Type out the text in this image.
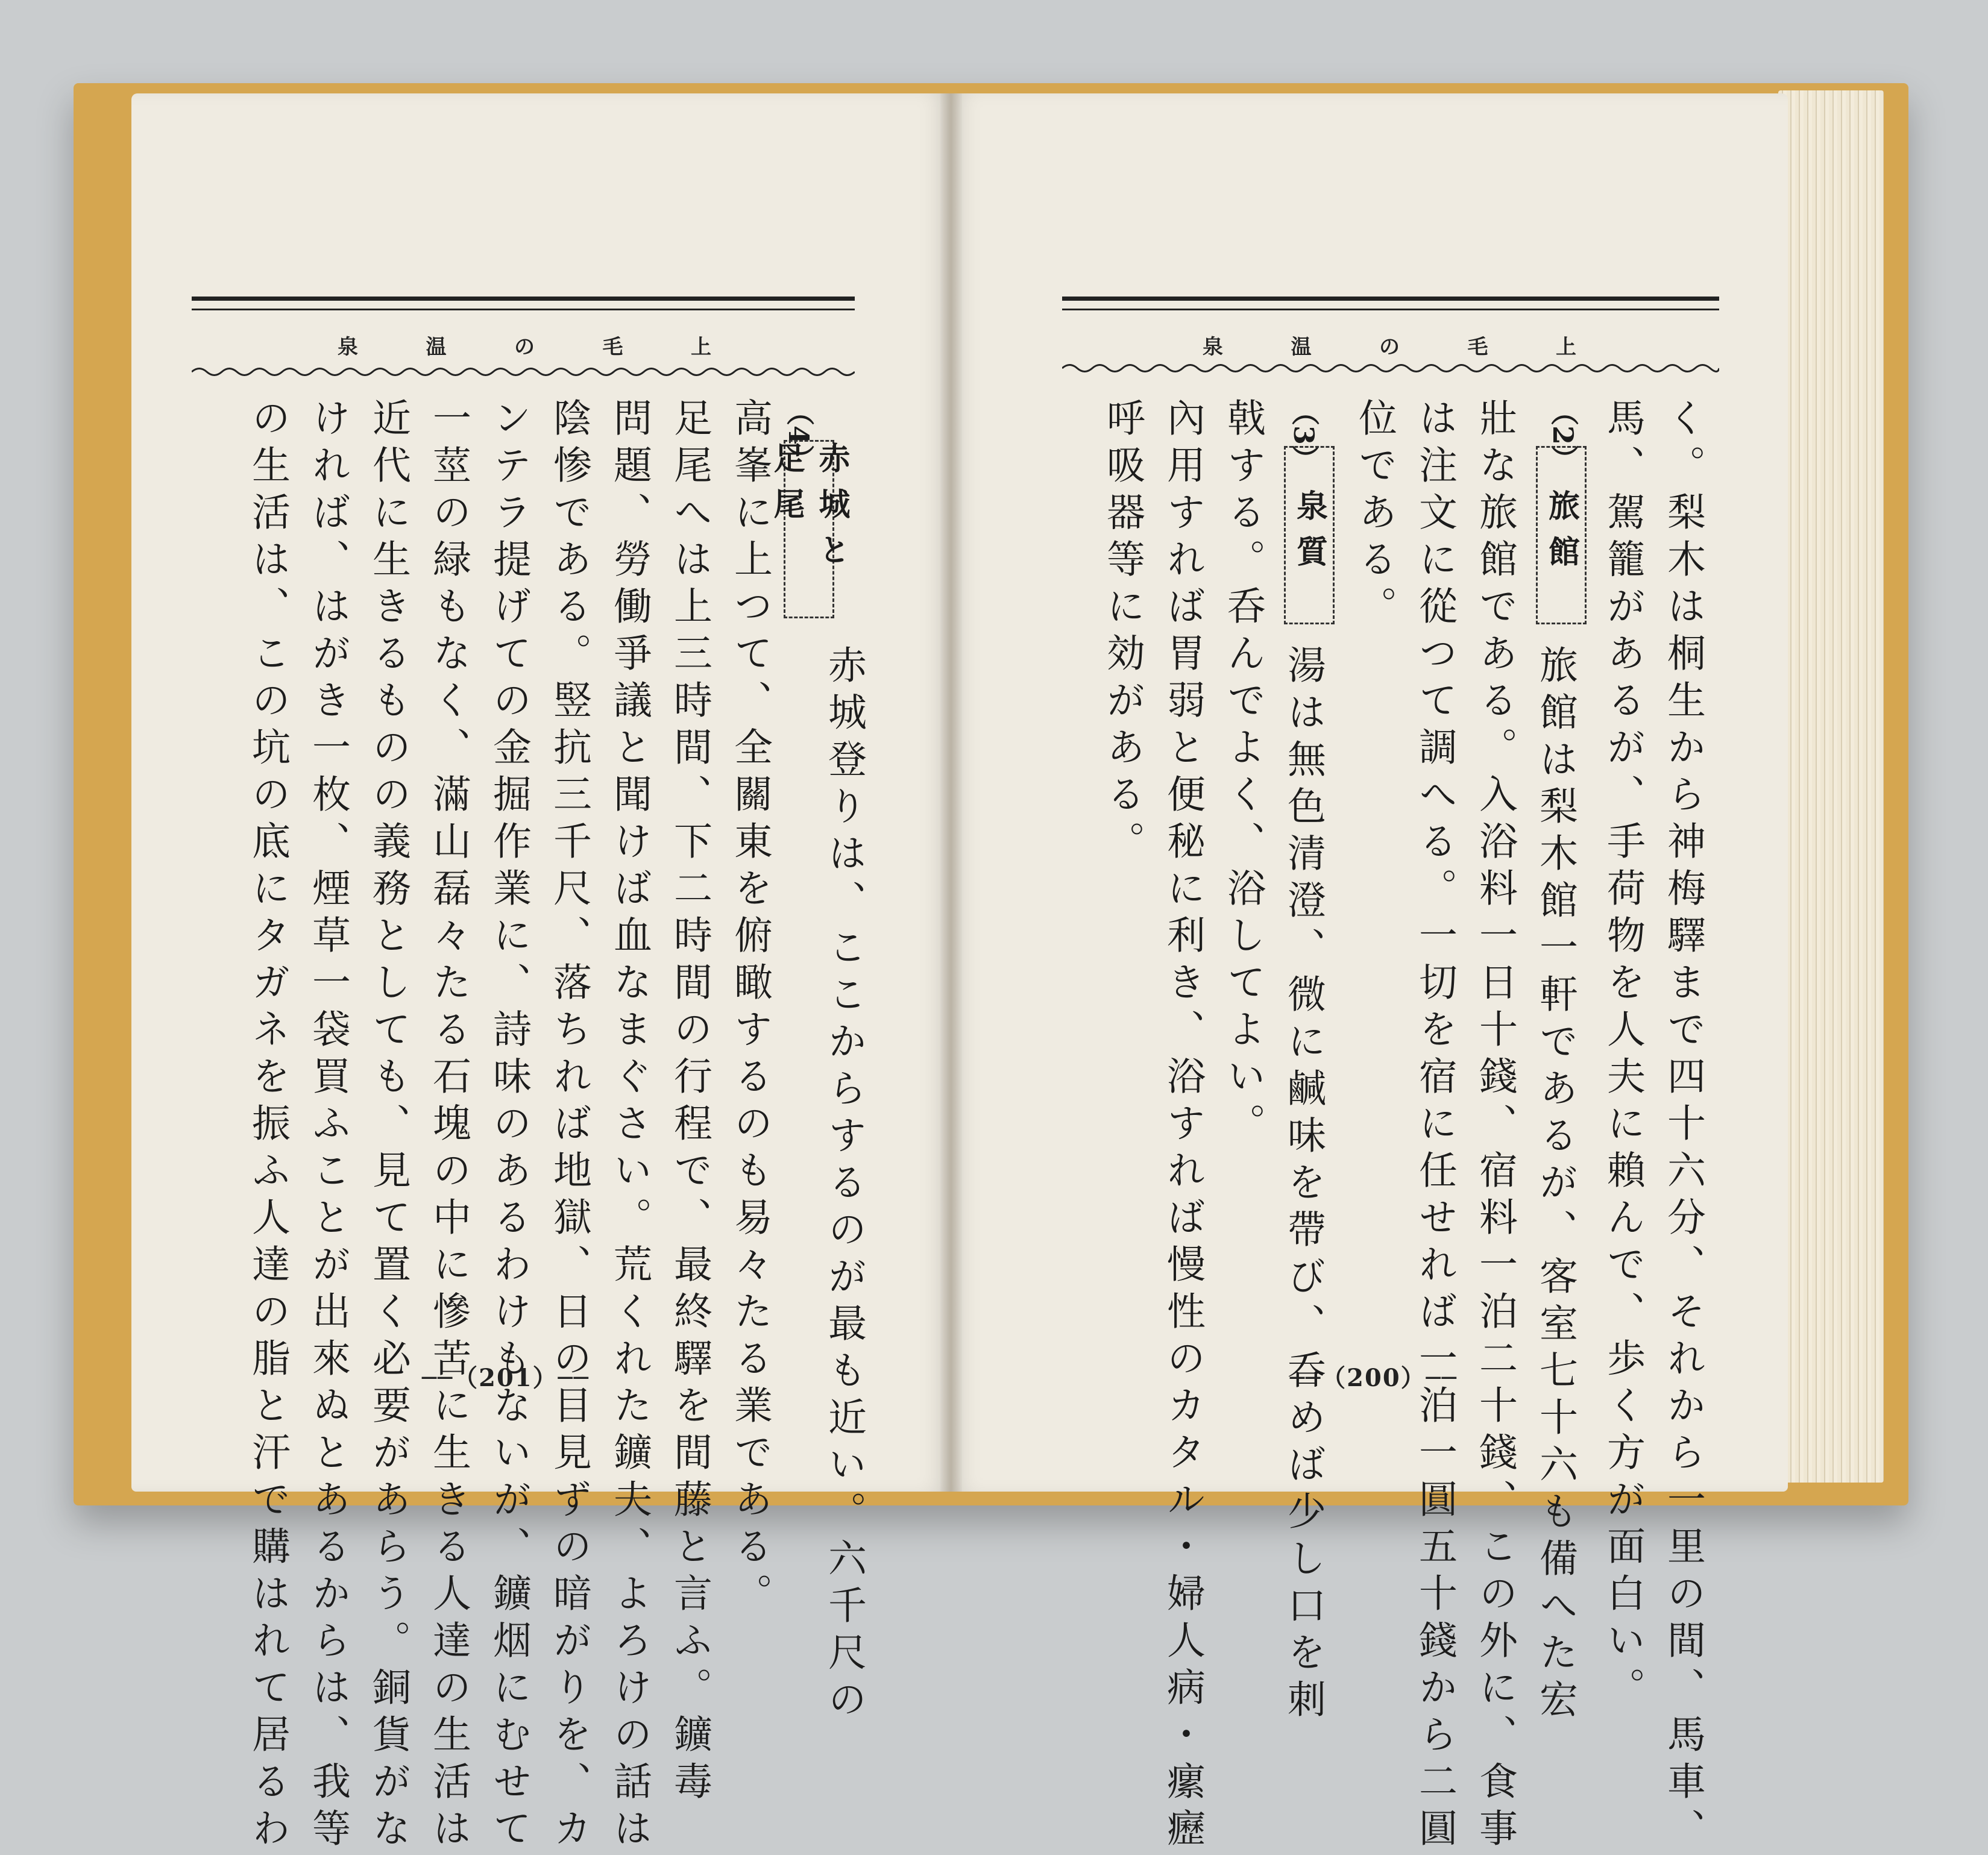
泉	温	の	毛	上
（4）
赤城と足尾
赤城登りは、ここからするのが最も近い。六千尺の
高峯に上つて、全關東を俯瞰するのも易々たる業である。
足尾へは上三時間、下二時間の行程で、最終驛を間藤と言ふ。鑛毒
問題、勞働爭議と聞けば血なまぐさい。荒くれた鑛夫、よろけの話は
陰惨である。竪抗三千尺、落ちれば地獄、日の目見ずの暗がりを、カ
ンテラ提げての金掘作業に、詩味のあるわけもないが、鑛烟にむせて
一莖の緑もなく、滿山磊々たる石塊の中に慘苦に生きる人達の生活は
近代に生きるものの義務としても、見て置く必要があらう。銅貨がな
ければ、はがき一枚、煙草一袋買ふことが出來ぬとあるからは、我等
の生活は、この坑の底にタガネを振ふ人達の脂と汗で購はれて居るわ	──（201）──
泉	温	の	毛	上
く。梨木は桐生から神梅驛まで四十六分、それから一里の間、馬車、
馬、駕籠があるが、手荷物を人夫に賴んで、歩く方が面白い。
（2）
旅館
旅館は梨木館一軒であるが、客室七十六も備へた宏
壯な旅館である。入浴料一日十錢、宿料一泊二十錢、この外に、食事
は注文に從つて調へる。一切を宿に任せれば一泊一圓五十錢から二圓
位である。
（3）
泉質
湯は無色清澄、微に鹹味を帶び、呑めば少し口を刺
戟する。呑んでよく、浴してよい。
內用すれば胃弱と便秘に利き、浴すれば慢性のカタル・婦人病・瘰癧
呼吸器等に効がある。
──（200）──
